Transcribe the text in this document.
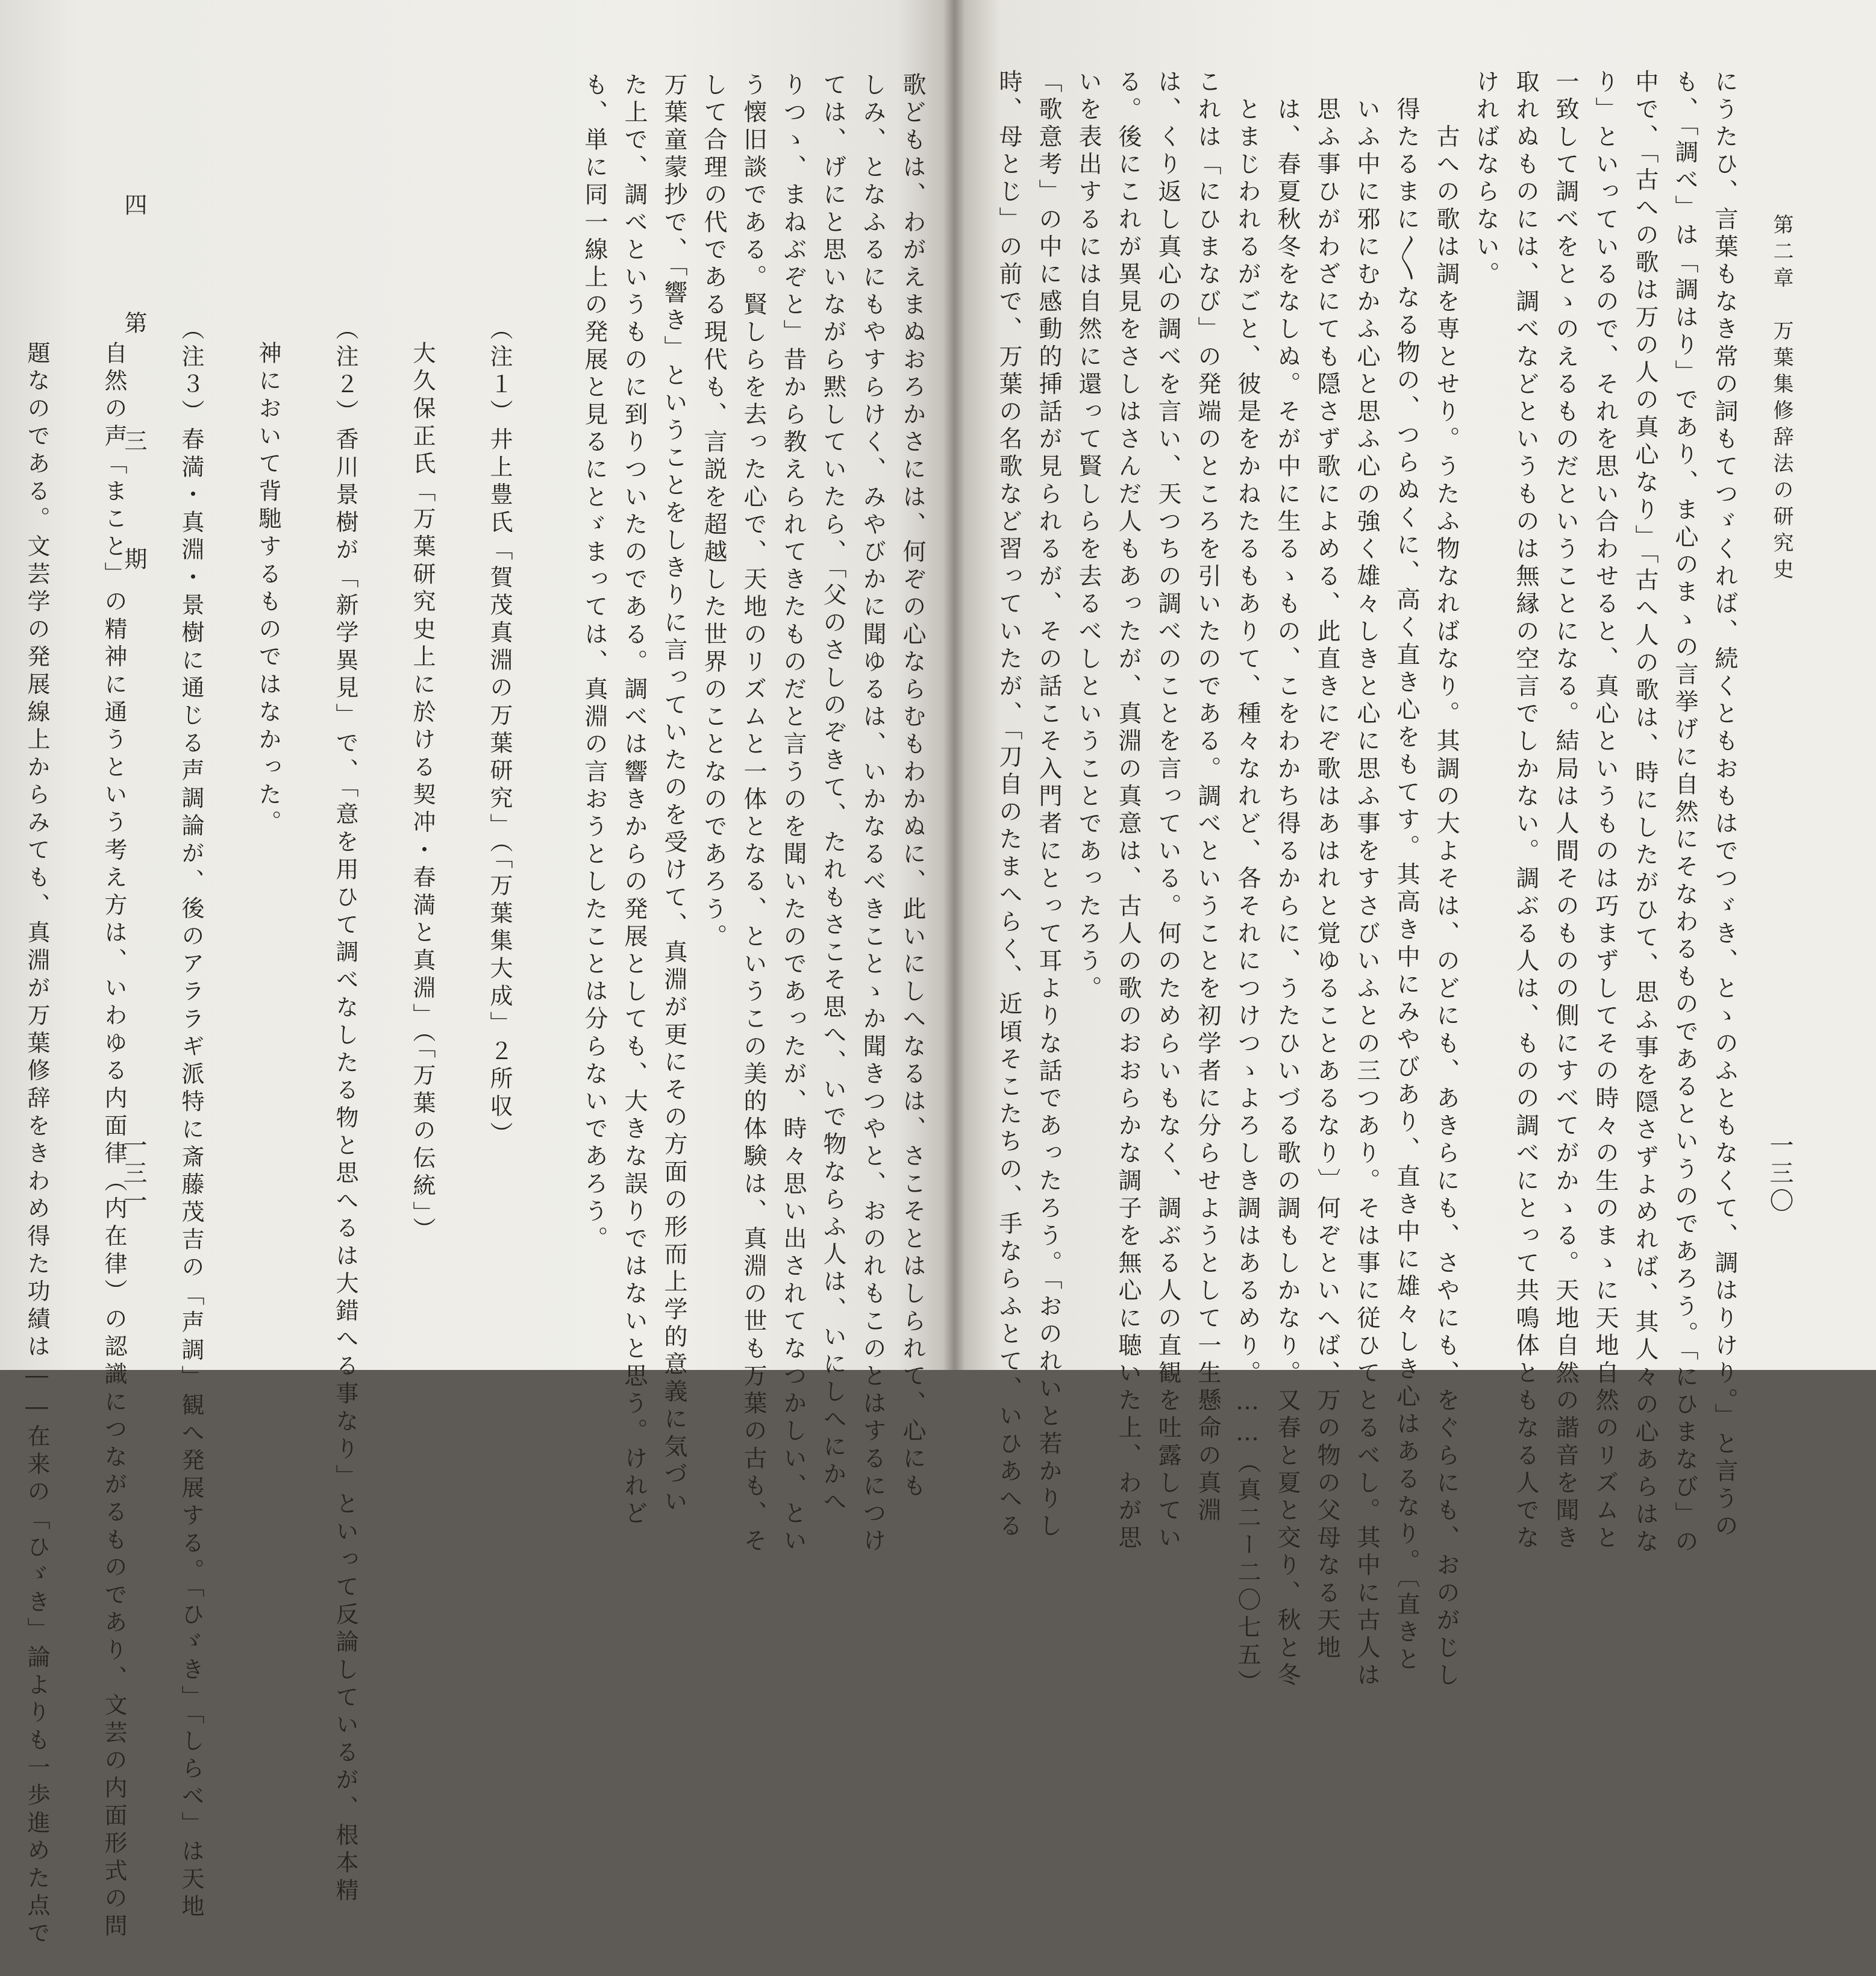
第二章　万葉集修辞法の研究史
一三〇
にうたひ、言葉もなき常の詞もてつゞくれば、続くともおもはでつゞき、とゝのふともなくて、調はりけり。」と言うの
も、「調べ」は「調はり」であり、ま心のまゝの言挙げに自然にそなわるものであるというのであろう。「にひまなび」の
中で、「古への歌は万の人の真心なり」「古へ人の歌は、時にしたがひて、思ふ事を隠さずよめれば、其人々の心あらはな
り」といっているので、それを思い合わせると、真心というものは巧まずしてその時々の生のまゝに天地自然のリズムと
一致して調べをとゝのえるものだということになる。結局は人間そのものの側にすべてがかゝる。天地自然の諧音を聞き
取れぬものには、調べなどというものは無縁の空言でしかない。調ぶる人は、ものの調べにとって共鳴体ともなる人でな
ければならない。
　　古への歌は調を専とせり。うたふ物なればなり。其調の大よそは、のどにも、あきらにも、さやにも、をぐらにも、おのがじし
　得たるまに〳〵なる物の、つらぬくに、高く直き心をもてす。其高き中にみやびあり、直き中に雄々しき心はあるなり。〔直きと
　いふ中に邪にむかふ心と思ふ心の強く雄々しきと心に思ふ事をすさびいふとの三つあり。そは事に従ひてとるべし。其中に古人は
　思ふ事ひがわざにても隠さず歌によめる、此直きにぞ歌はあはれと覚ゆることあるなり〕何ぞといへば、万の物の父母なる天地
　は、春夏秋冬をなしぬ。そが中に生るゝもの、こをわかち得るからに、うたひいづる歌の調もしかなり。又春と夏と交り、秋と冬
　とまじわれるがごと、彼是をかねたるもありて、種々なれど、各それにつけつゝよろしき調はあるめり。……（真二ー二〇七五）
これは「にひまなび」の発端のところを引いたのである。調べということを初学者に分らせようとして一生懸命の真淵
は、くり返し真心の調べを言い、天つちの調べのことを言っている。何のためらいもなく、調ぶる人の直観を吐露してい
る。後にこれが異見をさしはさんだ人もあったが、真淵の真意は、古人の歌のおおらかな調子を無心に聴いた上、わが思
いを表出するには自然に還って賢しらを去るべしということであったろう。
「歌意考」の中に感動的挿話が見られるが、その話こそ入門者にとって耳よりな話であったろう。「おのれいと若かりし
時、母とじ」の前で、万葉の名歌など習っていたが、「刀自のたまへらく、近頃そこたちの、手ならふとて、いひあへる
四　第　三　期
一三一	歌どもは、わがえまぬおろかさには、何ぞの心ならむもわかぬに、此いにしへなるは、さこそとはしられて、心にも
しみ、となふるにもやすらけく、みやびかに聞ゆるは、いかなるべきことゝか聞きつやと、おのれもこのとはするにつけ
ては、げにと思いながら黙していたら、「父のさしのぞきて、たれもさこそ思へ、いで物ならふ人は、いにしへにかへ
りつゝ、まねぶぞと」昔から教えられてきたものだと言うのを聞いたのであったが、時々思い出されてなつかしい、とい
う懐旧談である。賢しらを去った心で、天地のリズムと一体となる、というこの美的体験は、真淵の世も万葉の古も、そ
して合理の代である現代も、言説を超越した世界のことなのであろう。
万葉童蒙抄で、「響き」ということをしきりに言っていたのを受けて、真淵が更にその方面の形而上学的意義に気づい
た上で、調べというものに到りついたのである。調べは響きからの発展としても、大きな誤りではないと思う。けれど
も、単に同一線上の発展と見るにとゞまっては、真淵の言おうとしたことは分らないであろう。

（注１）井上豊氏「賀茂真淵の万葉研究」（「万葉集大成」２所収）

大久保正氏「万葉研究史上に於ける契冲・春満と真淵」（「万葉の伝統」）

（注２）香川景樹が「新学異見」で、「意を用ひて調べなしたる物と思へるは大錯へる事なり」といって反論しているが、根本精

神において背馳するものではなかった。

（注３）春満・真淵・景樹に通じる声調論が、後のアララギ派特に斎藤茂吉の「声調」観へ発展する。「ひゞき」「しらべ」は天地

自然の声「まこと」の精神に通うという考え方は、いわゆる内面律（内在律）の認識につながるものであり、文芸の内面形式の問

題なのである。文芸学の発展線上からみても、真淵が万葉修辞をきわめ得た功績は――在来の「ひゞき」論よりも一歩進めた点で
